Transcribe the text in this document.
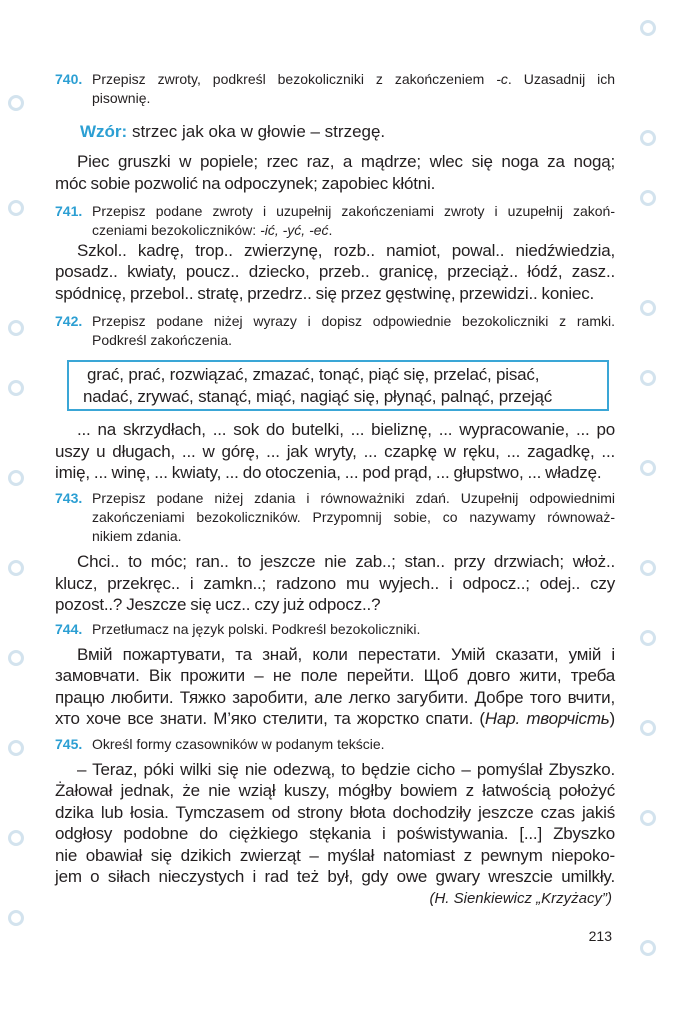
740. Przepisz zwroty, podkreśl bezokoliczniki z zakończeniem -c. Uzasadnij ich
pisownię.
Wzór: strzec jak oka w głowie – strzegę.
Piec gruszki w popiele; rzec raz, a mądrze; wlec się noga za nogą;
móc sobie pozwolić na odpoczynek; zapobiec kłótni.
741. Przepisz podane zwroty i uzupełnij zakończeniami zwroty i uzupełnij zakoń-
czeniami bezokoliczników: -ić, -yć, -eć.
Szkol.. kadrę, trop.. zwierzynę, rozb.. namiot, powal.. niedźwiedzia,
posadz.. kwiaty, poucz.. dziecko, przeb.. granicę, przeciąż.. łódź, zasz..
spódnicę, przebol.. stratę, przedrz.. się przez gęstwinę, przewidzi.. koniec.
742. Przepisz podane niżej wyrazy i dopisz odpowiednie bezokoliczniki z ramki.
Podkreśl zakończenia.
grać, prać, rozwiązać, zmazać, tonąć, piąć się, przelać, pisać,
nadać, zrywać, stanąć, miąć, nagiąć się, płynąć, palnąć, przejąć
... na skrzydłach, ... sok do butelki, ... bieliznę, ... wypracowanie, ... po
uszy u długach, ... w górę, ... jak wryty, ... czapkę w ręku, ... zagadkę, ...
imię, ... winę, ... kwiaty, ... do otoczenia, ... pod prąd, ... głupstwo, ... władzę.
743. Przepisz podane niżej zdania i równoważniki zdań. Uzupełnij odpowiednimi
zakończeniami bezokoliczników. Przypomnij sobie, co nazywamy równoważ-
nikiem zdania.
Chci.. to móc; ran.. to jeszcze nie zab..; stan.. przy drzwiach; włoż..
klucz, przekręc.. i zamkn..; radzono mu wyjech.. i odpocz..; odej.. czy
pozost..? Jeszcze się ucz.. czy już odpocz..?
744. Przetłumacz na język polski. Podkreśl bezokoliczniki.
Вмій пожартувати, та знай, коли перестати. Умій сказати, умій і
замовчати. Вік прожити – не поле перейти. Щоб довго жити, треба
працю любити. Тяжко заробити, але легко загубити. Добре того вчити,
хто хоче все знати. М’яко стелити, та жорстко спати. (Нар. творчість)
745. Określ formy czasowników w podanym tekście.
– Teraz, póki wilki się nie odezwą, to będzie cicho – pomyślał Zbyszko.
Żałował jednak, że nie wziął kuszy, mógłby bowiem z łatwością położyć
dzika lub łosia. Tymczasem od strony błota dochodziły jeszcze czas jakiś
odgłosy podobne do ciężkiego stękania i poświstywania. [...] Zbyszko
nie obawiał się dzikich zwierząt – myślał natomiast z pewnym niepoko-
jem o siłach nieczystych i rad też był, gdy owe gwary wreszcie umilkły.
(H. Sienkiewicz „Krzyżacy”)
213
